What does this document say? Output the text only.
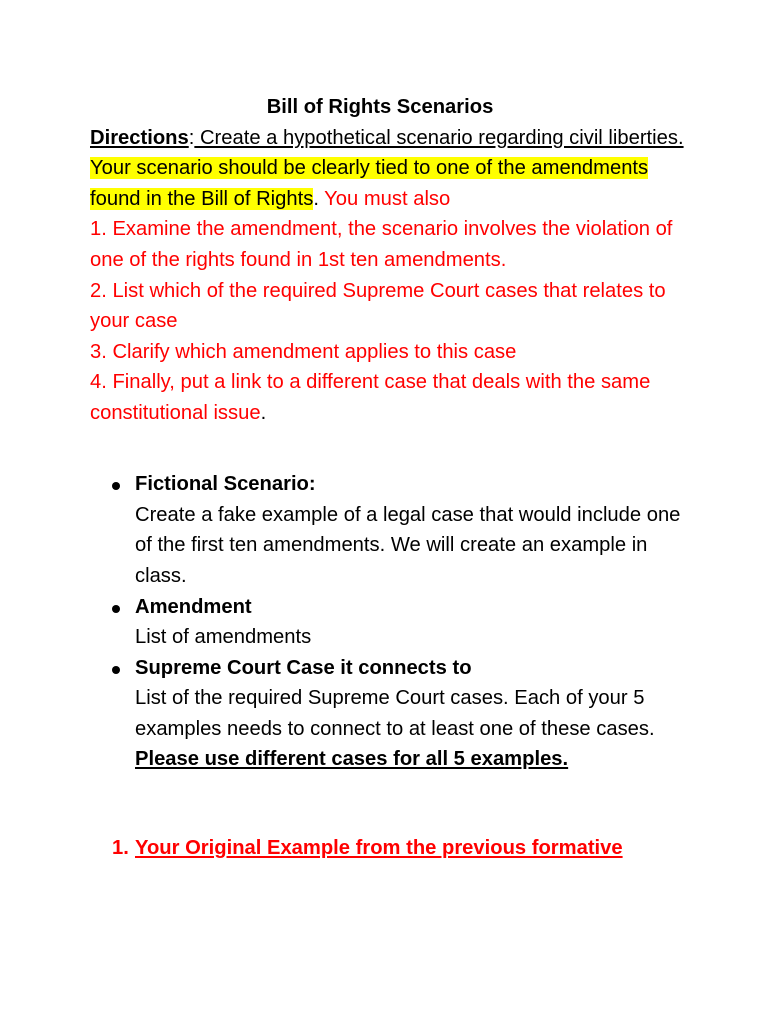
Bill of Rights Scenarios

Directions: Create a hypothetical scenario regarding civil liberties. Your scenario should be clearly tied to one of the amendments found in the Bill of Rights. You must also

1. Examine the amendment, the scenario involves the violation of one of the rights found in 1st ten amendments.

2. List which of the required Supreme Court cases that relates to your case

3. Clarify which amendment applies to this case

4. Finally, put a link to a different case that deals with the same constitutional issue.

Fictional Scenario:
Create a fake example of a legal case that would include one of the first ten amendments. We will create an example in class.
Amendment
List of amendments
Supreme Court Case it connects to
List of the required Supreme Court cases. Each of your 5 examples needs to connect to at least one of these cases. Please use different cases for all 5 examples.
1. Your Original Example from the previous formative
